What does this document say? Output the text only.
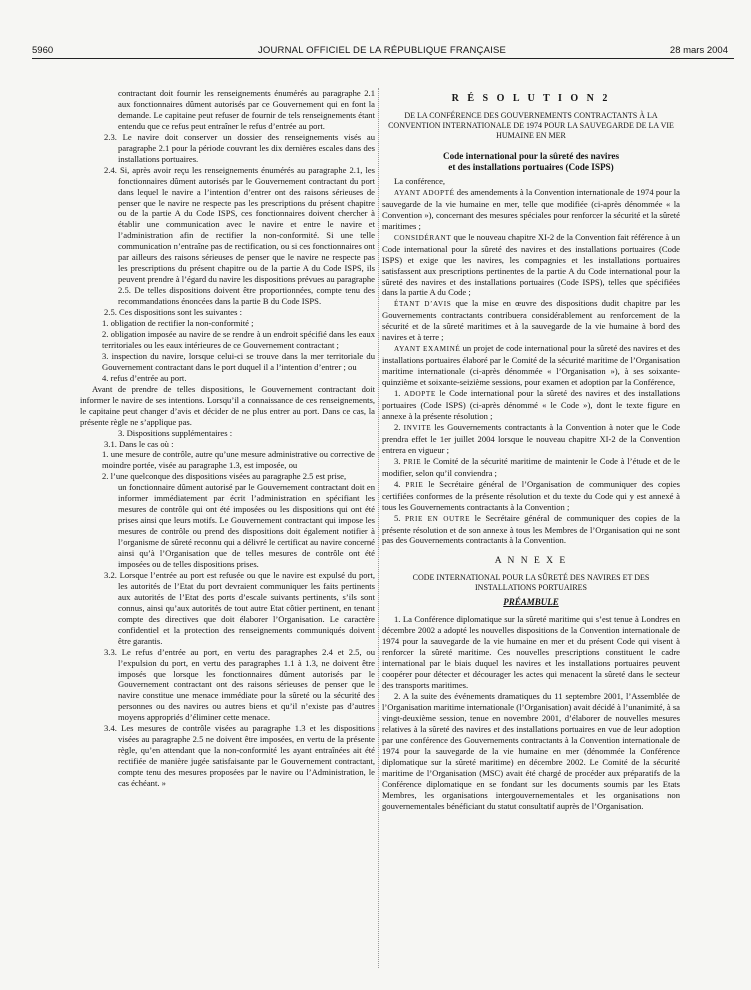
5960	JOURNAL OFFICIEL DE LA RÉPUBLIQUE FRANÇAISE	28 mars 2004

contractant doit fournir les renseignements énumérés au paragraphe 2.1 aux fonctionnaires dûment autorisés par ce Gouvernement qui en font la demande. Le capitaine peut refuser de fournir de tels renseignements étant entendu que ce refus peut entraîner le refus d’entrée au port.

2.3. Le navire doit conserver un dossier des renseignements visés au paragraphe 2.1 pour la période couvrant les dix dernières escales dans des installations portuaires.

2.4. Si, après avoir reçu les renseignements énumérés au paragraphe 2.1, les fonctionnaires dûment autorisés par le Gouvernement contractant du port dans lequel le navire a l’intention d’entrer ont des raisons sérieuses de penser que le navire ne respecte pas les prescriptions du présent chapitre ou de la partie A du Code ISPS, ces fonctionnaires doivent chercher à établir une communication avec le navire et entre le navire et l’administration afin de rectifier la non-conformité. Si une telle communication n’entraîne pas de rectification, ou si ces fonctionnaires ont par ailleurs des raisons sérieuses de penser que le navire ne respecte pas les prescriptions du présent chapitre ou de la partie A du Code ISPS, ils peuvent prendre à l’égard du navire les dispositions prévues au paragraphe 2.5. De telles dispositions doivent être proportionnées, compte tenu des recommandations énoncées dans la partie B du Code ISPS.

2.5. Ces dispositions sont les suivantes :

1. obligation de rectifier la non-conformité ;

2. obligation imposée au navire de se rendre à un endroit spécifié dans les eaux territoriales ou les eaux intérieures de ce Gouvernement contractant ;

3. inspection du navire, lorsque celui-ci se trouve dans la mer territoriale du Gouvernement contractant dans le port duquel il a l’intention d’entrer ; ou

4. refus d’entrée au port.

Avant de prendre de telles dispositions, le Gouvernement contractant doit informer le navire de ses intentions. Lorsqu’il a connaissance de ces renseignements, le capitaine peut changer d’avis et décider de ne plus entrer au port. Dans ce cas, la présente règle ne s’applique pas.

3. Dispositions supplémentaires :

3.1. Dans le cas où :

1. une mesure de contrôle, autre qu’une mesure administrative ou corrective de moindre portée, visée au paragraphe 1.3, est imposée, ou

2. l’une quelconque des dispositions visées au paragraphe 2.5 est prise,

un fonctionnaire dûment autorisé par le Gouvernement contractant doit en informer immédiatement par écrit l’administration en spécifiant les mesures de contrôle qui ont été imposées ou les dispositions qui ont été prises ainsi que leurs motifs. Le Gouvernement contractant qui impose les mesures de contrôle ou prend des dispositions doit également notifier à l’organisme de sûreté reconnu qui a délivré le certificat au navire concerné ainsi qu’à l’Organisation que de telles mesures de contrôle ont été imposées ou de telles dispositions prises.

3.2. Lorsque l’entrée au port est refusée ou que le navire est expulsé du port, les autorités de l’Etat du port devraient communiquer les faits pertinents aux autorités de l’Etat des ports d’escale suivants pertinents, s’ils sont connus, ainsi qu’aux autorités de tout autre Etat côtier pertinent, en tenant compte des directives que doit élaborer l’Organisation. Le caractère confidentiel et la protection des renseignements communiqués doivent être garantis.

3.3. Le refus d’entrée au port, en vertu des paragraphes 2.4 et 2.5, ou l’expulsion du port, en vertu des paragraphes 1.1 à 1.3, ne doivent être imposés que lorsque les fonctionnaires dûment autorisés par le Gouvernement contractant ont des raisons sérieuses de penser que le navire constitue une menace immédiate pour la sûreté ou la sécurité des personnes ou des navires ou autres biens et qu’il n’existe pas d’autres moyens appropriés d’éliminer cette menace.

3.4. Les mesures de contrôle visées au paragraphe 1.3 et les dispositions visées au paragraphe 2.5 ne doivent être imposées, en vertu de la présente règle, qu’en attendant que la non-conformité les ayant entraînées ait été rectifiée de manière jugée satisfaisante par le Gouvernement contractant, compte tenu des mesures proposées par le navire ou l’Administration, le cas échéant. »

R É S O L U T I O N 2

DE LA CONFÉRENCE DES GOUVERNEMENTS CONTRACTANTS À LA CONVENTION INTERNATIONALE DE 1974 POUR LA SAUVEGARDE DE LA VIE HUMAINE EN MER

Code international pour la sûreté des navires

et des installations portuaires (Code ISPS)

La conférence,

AYANT ADOPTÉ des amendements à la Convention internationale de 1974 pour la sauvegarde de la vie humaine en mer, telle que modifiée (ci-après dénommée « la Convention »), concernant des mesures spéciales pour renforcer la sécurité et la sûreté maritimes ;

CONSIDÉRANT que le nouveau chapitre XI-2 de la Convention fait référence à un Code international pour la sûreté des navires et des installations portuaires (Code ISPS) et exige que les navires, les compagnies et les installations portuaires satisfassent aux prescriptions pertinentes de la partie A du Code international pour la sûreté des navires et des installations portuaires (Code ISPS), telles que spécifiées dans la partie A du Code ;

ÉTANT D’AVIS que la mise en œuvre des dispositions dudit chapitre par les Gouvernements contractants contribuera considérablement au renforcement de la sécurité et de la sûreté maritimes et à la sauvegarde de la vie humaine à bord des navires et à terre ;

AYANT EXAMINÉ un projet de code international pour la sûreté des navires et des installations portuaires élaboré par le Comité de la sécurité maritime de l’Organisation maritime internationale (ci-après dénommée « l’Organisation »), à ses soixante-quinzième et soixante-seizième sessions, pour examen et adoption par la Conférence,

1. ADOPTE le Code international pour la sûreté des navires et des installations portuaires (Code ISPS) (ci-après dénommé « le Code »), dont le texte figure en annexe à la présente résolution ;

2. INVITE les Gouvernements contractants à la Convention à noter que le Code prendra effet le 1er juillet 2004 lorsque le nouveau chapitre XI-2 de la Convention entrera en vigueur ;

3. PRIE le Comité de la sécurité maritime de maintenir le Code à l’étude et de le modifier, selon qu’il conviendra ;

4. PRIE le Secrétaire général de l’Organisation de communiquer des copies certifiées conformes de la présente résolution et du texte du Code qui y est annexé à tous les Gouvernements contractants à la Convention ;

5. PRIE EN OUTRE le Secrétaire général de communiquer des copies de la présente résolution et de son annexe à tous les Membres de l’Organisation qui ne sont pas des Gouvernements contractants à la Convention.

A N N E X E

CODE INTERNATIONAL POUR LA SÛRETÉ DES NAVIRES ET DES INSTALLATIONS PORTUAIRES

PRÉAMBULE

1. La Conférence diplomatique sur la sûreté maritime qui s’est tenue à Londres en décembre 2002 a adopté les nouvelles dispositions de la Convention internationale de 1974 pour la sauvegarde de la vie humaine en mer et du présent Code qui visent à renforcer la sûreté maritime. Ces nouvelles prescriptions constituent le cadre international par le biais duquel les navires et les installations portuaires peuvent coopérer pour détecter et décourager les actes qui menacent la sûreté dans le secteur des transports maritimes.

2. A la suite des événements dramatiques du 11 septembre 2001, l’Assemblée de l’Organisation maritime internationale (l’Organisation) avait décidé à l’unanimité, à sa vingt-deuxième session, tenue en novembre 2001, d’élaborer de nouvelles mesures relatives à la sûreté des navires et des installations portuaires en vue de leur adoption par une conférence des Gouvernements contractants à la Convention internationale de 1974 pour la sauvegarde de la vie humaine en mer (dénommée la Conférence diplomatique sur la sûreté maritime) en décembre 2002. Le Comité de la sécurité maritime de l’Organisation (MSC) avait été chargé de procéder aux préparatifs de la Conférence diplomatique en se fondant sur les documents soumis par les Etats Membres, les organisations intergouvernementales et les organisations non gouvernementales bénéficiant du statut consultatif auprès de l’Organisation.
